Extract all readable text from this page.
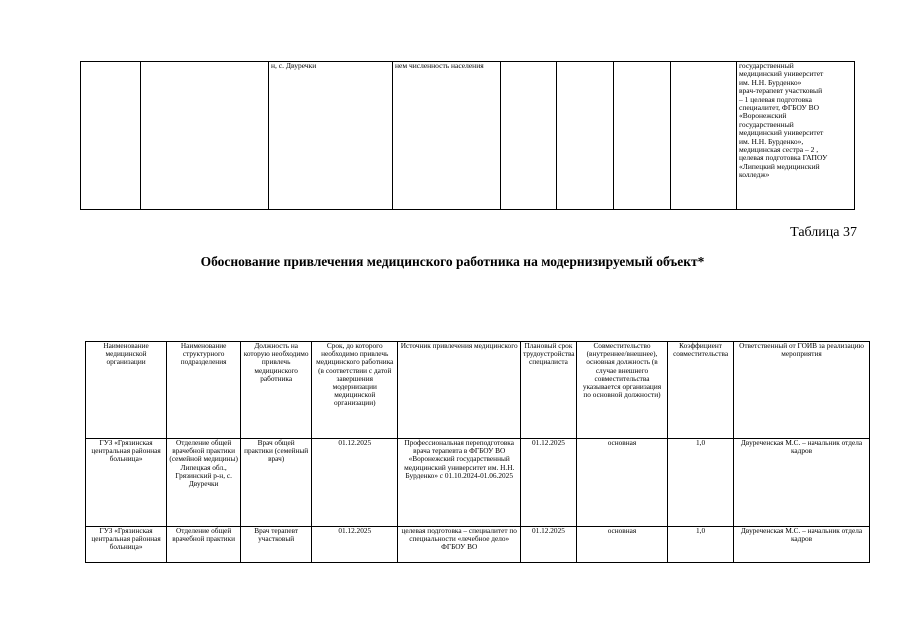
		н, с. Двуречки	нем численность населения					государственный
медицинский университет
им. Н.Н. Бурденко»
врач-терапевт участковый
– 1 целевая подготовка
специалитет, ФГБОУ ВО
«Воронежский
государственный
медицинский университет
им. Н.Н. Бурденко»,
медицинская сестра – 2 ,
целевая подготовка ГАПОУ
«Липецкий медицинский
колледж»
Таблица 37
Обоснование привлечения медицинского работника на модернизируемый объект*
Наименование медицинской организации	Наименование структурного подразделения	Должность на которую необходимо привлечь медицинского работника	Срок, до которого необходимо привлечь медицинского работника (в соответствии с датой завершения модернизации медицинской организации)	Источник привлечения медицинского	Плановый срок трудоустройства специалиста	Совместительство (внутреннее/внешнее), основная должность (в случае внешнего совместительства указывается организация по основной должности)	Коэффициент совместительства	Ответственный от ГОИВ за реализацию мероприятия
ГУЗ «Грязинская центральная районная больница»	Отделение общей врачебной практики (семейной медицины) Липецкая обл., Грязинский р-н, с. Двуречки	Врач общей практики (семейный врач)	01.12.2025	Профессиональная переподготовка врача терапевта в ФГБОУ ВО «Воронежский государственный медицинский университет им. Н.Н. Бурденко» с 01.10.2024-01.06.2025	01.12.2025	основная	1,0	Двуреченская М.С. – начальник отдела кадров
ГУЗ «Грязинская центральная районная больница»	Отделение общей врачебной практики	Врач терапевт участковый	01.12.2025	целевая подготовка – специалитет по специальности «лечебное дело» ФГБОУ ВО	01.12.2025	основная	1,0	Двуреченская М.С. – начальник отдела кадров
